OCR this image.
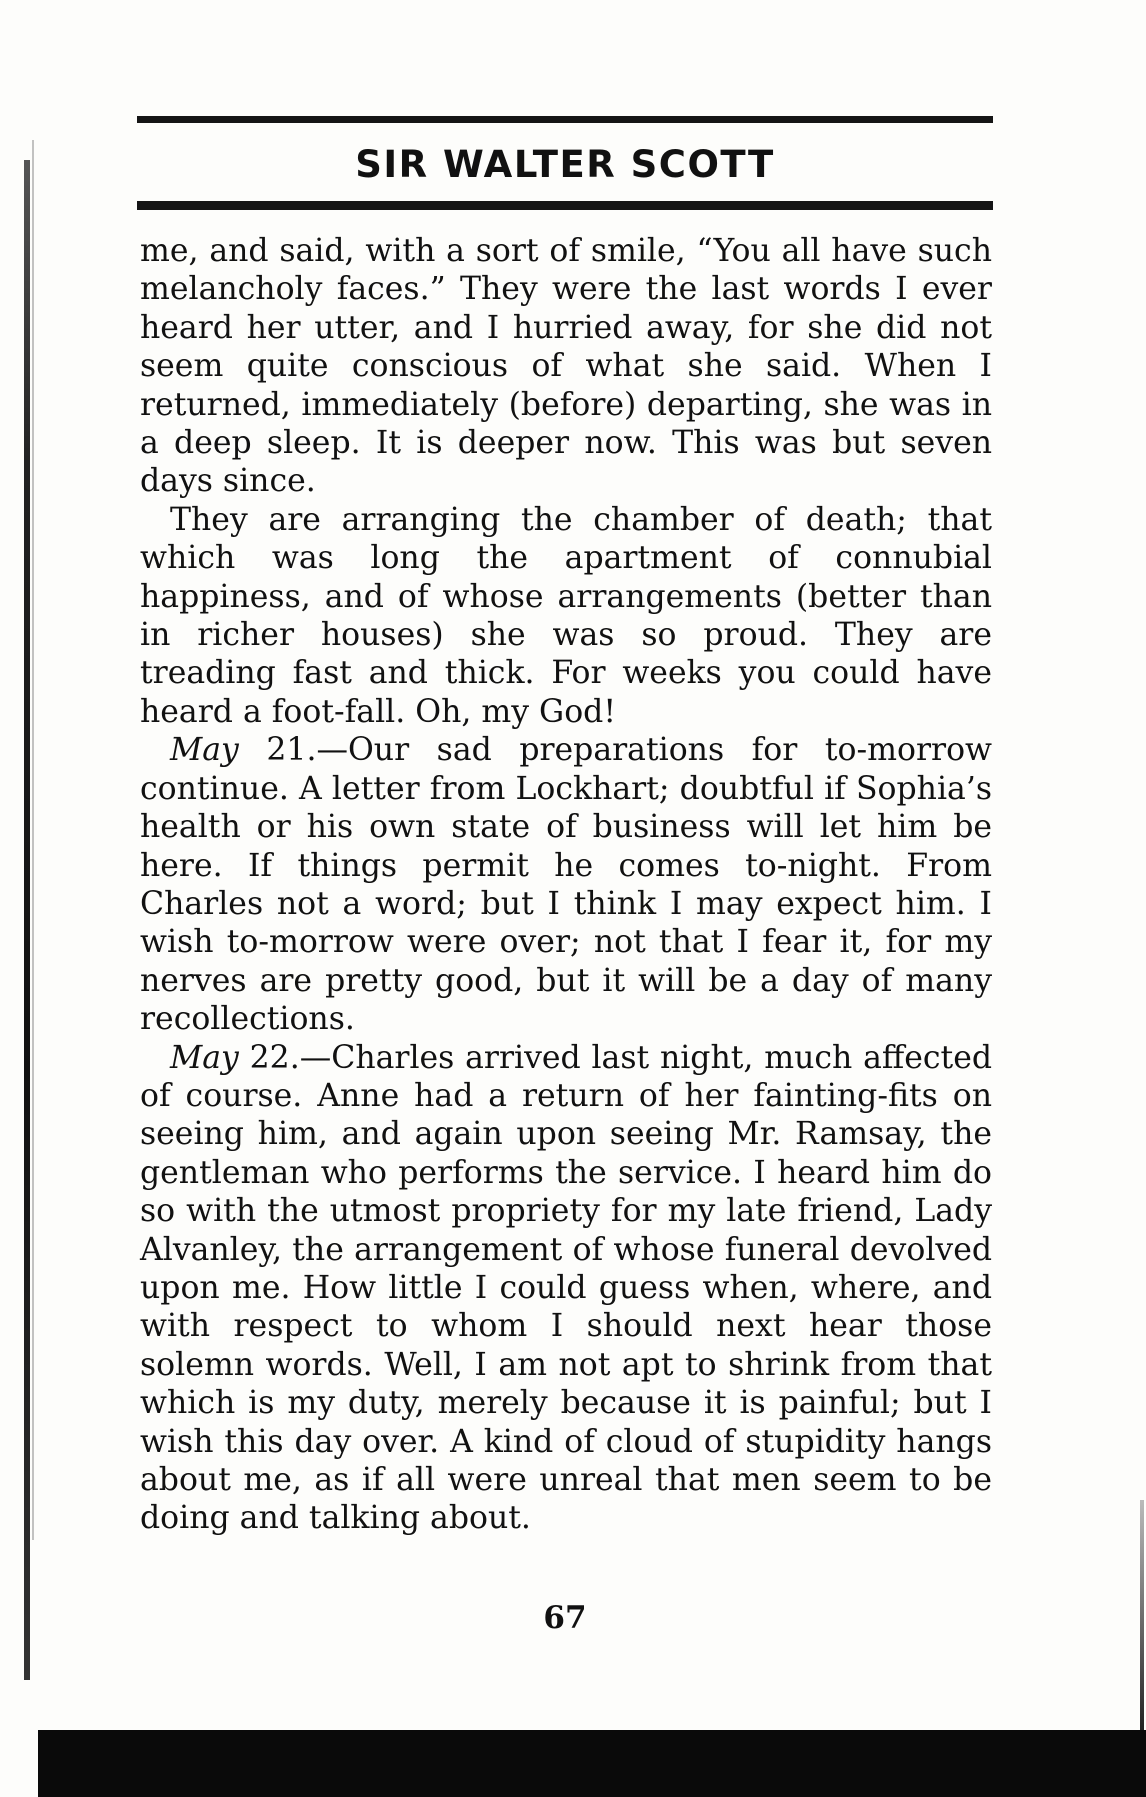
SIR WALTER SCOTT

me, and said, with a sort of smile, “You all have such melancholy faces.” They were the last words I ever heard her utter, and I hurried away, for she did not seem quite conscious of what she said. When I returned, immediately (before) departing, she was in a deep sleep. It is deeper now. This was but seven days since.

They are arranging the chamber of death; that which was long the apartment of connubial happiness, and of whose arrangements (better than in richer houses) she was so proud. They are treading fast and thick. For weeks you could have heard a foot-fall. Oh, my God!

May 21.—Our sad preparations for to-morrow continue. A letter from Lockhart; doubtful if Sophia’s health or his own state of business will let him be here. If things permit he comes to-night. From Charles not a word; but I think I may expect him. I wish to-morrow were over; not that I fear it, for my nerves are pretty good, but it will be a day of many recollections.

May 22.—Charles arrived last night, much affected of course. Anne had a return of her fainting-fits on seeing him, and again upon seeing Mr. Ramsay, the gentleman who performs the service. I heard him do so with the utmost propriety for my late friend, Lady Alvanley, the arrangement of whose funeral devolved upon me. How little I could guess when, where, and with respect to whom I should next hear those solemn words. Well, I am not apt to shrink from that which is my duty, merely because it is painful; but I wish this day over. A kind of cloud of stupidity hangs about me, as if all were unreal that men seem to be doing and talking about.

67
